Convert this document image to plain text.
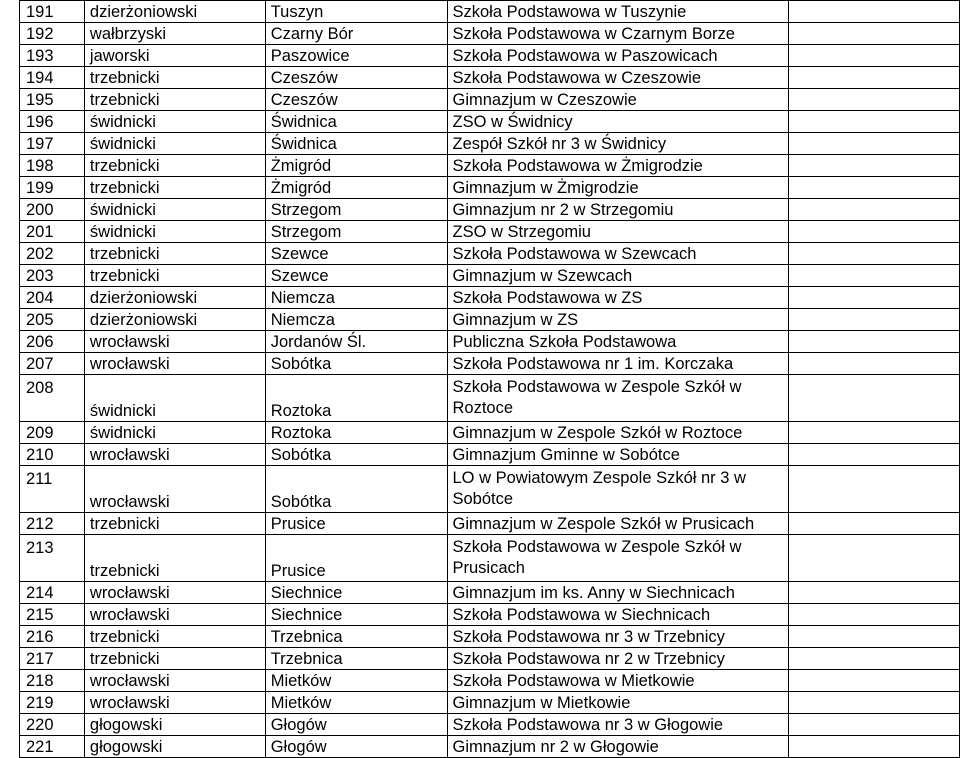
191	dzierżoniowski	Tuszyn	Szkoła Podstawowa w Tuszynie	
192	wałbrzyski	Czarny Bór	Szkoła Podstawowa w Czarnym Borze	
193	jaworski	Paszowice	Szkoła Podstawowa w Paszowicach	
194	trzebnicki	Czeszów	Szkoła Podstawowa w Czeszowie	
195	trzebnicki	Czeszów	Gimnazjum w Czeszowie	
196	świdnicki	Świdnica	ZSO w Świdnicy	
197	świdnicki	Świdnica	Zespół Szkół nr 3 w Świdnicy	
198	trzebnicki	Żmigród	Szkoła Podstawowa w Żmigrodzie	
199	trzebnicki	Żmigród	Gimnazjum w Żmigrodzie	
200	świdnicki	Strzegom	Gimnazjum nr 2 w Strzegomiu	
201	świdnicki	Strzegom	ZSO w Strzegomiu	
202	trzebnicki	Szewce	Szkoła Podstawowa w Szewcach	
203	trzebnicki	Szewce	Gimnazjum w Szewcach	
204	dzierżoniowski	Niemcza	Szkoła Podstawowa w ZS	
205	dzierżoniowski	Niemcza	Gimnazjum w ZS	
206	wrocławski	Jordanów Śl.	Publiczna Szkoła Podstawowa	
207	wrocławski	Sobótka	Szkoła Podstawowa nr 1 im. Korczaka	
208	świdnicki	Roztoka	Szkoła Podstawowa w Zespole Szkół w Roztoce	
209	świdnicki	Roztoka	Gimnazjum w Zespole Szkół w Roztoce	
210	wrocławski	Sobótka	Gimnazjum Gminne w Sobótce	
211	wrocławski	Sobótka	LO w Powiatowym Zespole Szkół nr 3 w Sobótce	
212	trzebnicki	Prusice	Gimnazjum w Zespole Szkół w Prusicach	
213	trzebnicki	Prusice	Szkoła Podstawowa w Zespole Szkół w Prusicach	
214	wrocławski	Siechnice	Gimnazjum im ks. Anny w Siechnicach	
215	wrocławski	Siechnice	Szkoła Podstawowa w Siechnicach	
216	trzebnicki	Trzebnica	Szkoła Podstawowa nr 3 w Trzebnicy	
217	trzebnicki	Trzebnica	Szkoła Podstawowa nr 2 w Trzebnicy	
218	wrocławski	Mietków	Szkoła Podstawowa w Mietkowie	
219	wrocławski	Mietków	Gimnazjum w Mietkowie	
220	głogowski	Głogów	Szkoła Podstawowa nr 3 w Głogowie	
221	głogowski	Głogów	Gimnazjum nr 2 w Głogowie	
